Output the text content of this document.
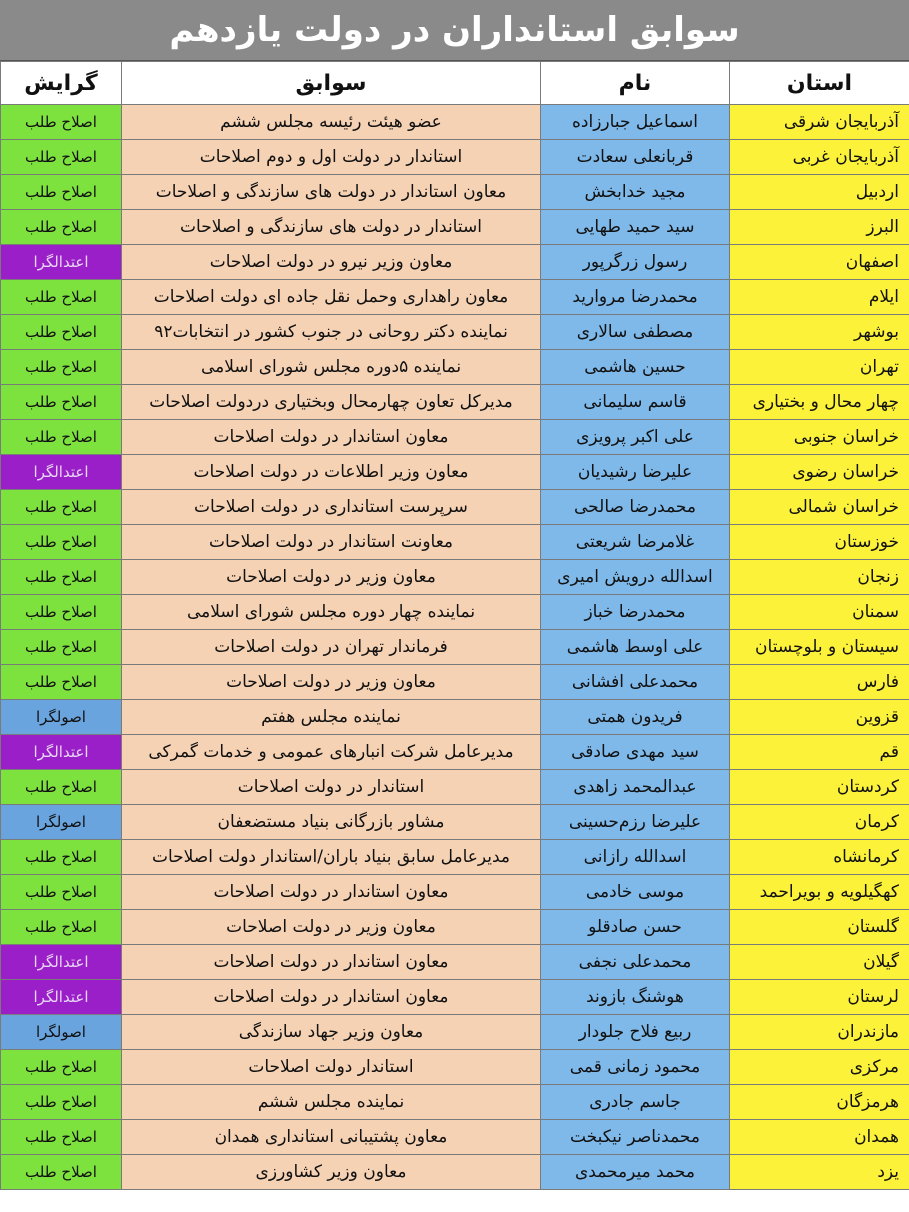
سوابق استانداران در دولت یازدهم
استان	نام	سوابق	گرایش
آذربایجان شرقی	اسماعیل جبارزاده	عضو هیئت رئیسه مجلس ششم	اصلاح طلب
آذربایجان غربی	قربانعلی سعادت	استاندار در دولت اول و دوم اصلاحات	اصلاح طلب
اردبیل	مجید خدابخش	معاون استاندار در دولت های سازندگی و اصلاحات	اصلاح طلب
البرز	سید حمید طهایی	استاندار در دولت های سازندگی و اصلاحات	اصلاح طلب
اصفهان	رسول زرگرپور	معاون وزیر نیرو در دولت اصلاحات	اعتدالگرا
ایلام	محمدرضا مروارید	معاون راهداری وحمل نقل جاده ای دولت اصلاحات	اصلاح طلب
بوشهر	مصطفی سالاری	نماینده دکتر روحانی در جنوب کشور در انتخابات۹۲	اصلاح طلب
تهران	حسین هاشمی	نماینده ۵دوره مجلس شورای اسلامی	اصلاح طلب
چهار محال و بختیاری	قاسم سلیمانی	مدیرکل تعاون چهارمحال وبختیاری دردولت اصلاحات	اصلاح طلب
خراسان جنوبی	علی اکبر پرویزی	معاون استاندار در دولت اصلاحات	اصلاح طلب
خراسان رضوی	علیرضا رشیدیان	معاون وزیر اطلاعات در دولت اصلاحات	اعتدالگرا
خراسان شمالی	محمدرضا صالحی	سرپرست استانداری در دولت اصلاحات	اصلاح طلب
خوزستان	غلامرضا شریعتی	معاونت استاندار در دولت اصلاحات	اصلاح طلب
زنجان	اسدالله درویش امیری	معاون وزیر در دولت اصلاحات	اصلاح طلب
سمنان	محمدرضا خباز	نماینده چهار دوره مجلس شورای اسلامی	اصلاح طلب
سیستان و بلوچستان	علی اوسط هاشمی	فرماندار تهران در دولت اصلاحات	اصلاح طلب
فارس	محمدعلی افشانی	معاون وزیر در دولت اصلاحات	اصلاح طلب
قزوین	فریدون همتی	نماینده مجلس هفتم	اصولگرا
قم	سید مهدی صادقی	مدیرعامل شرکت انبارهای عمومی و خدمات گمرکی	اعتدالگرا
کردستان	عبدالمحمد زاهدی	استاندار در دولت اصلاحات	اصلاح طلب
کرمان	علیرضا رزم‌حسینی	مشاور بازرگانی بنیاد مستضعفان	اصولگرا
کرمانشاه	اسدالله رازانی	مدیرعامل سابق بنیاد باران/استاندار دولت اصلاحات	اصلاح طلب
کهگیلویه و بویراحمد	موسی خادمی	معاون استاندار در دولت اصلاحات	اصلاح طلب
گلستان	حسن صادقلو	معاون وزیر در دولت اصلاحات	اصلاح طلب
گیلان	محمدعلی نجفی	معاون استاندار در دولت اصلاحات	اعتدالگرا
لرستان	هوشنگ بازوند	معاون استاندار در دولت اصلاحات	اعتدالگرا
مازندران	ربیع فلاح جلودار	معاون وزیر جهاد سازندگی	اصولگرا
مرکزی	محمود زمانی قمی	استاندار دولت اصلاحات	اصلاح طلب
هرمزگان	جاسم جادری	نماینده مجلس ششم	اصلاح طلب
همدان	محمدناصر نیکبخت	معاون پشتیبانی استانداری همدان	اصلاح طلب
یزد	محمد میرمحمدی	معاون وزیر کشاورزی	اصلاح طلب
